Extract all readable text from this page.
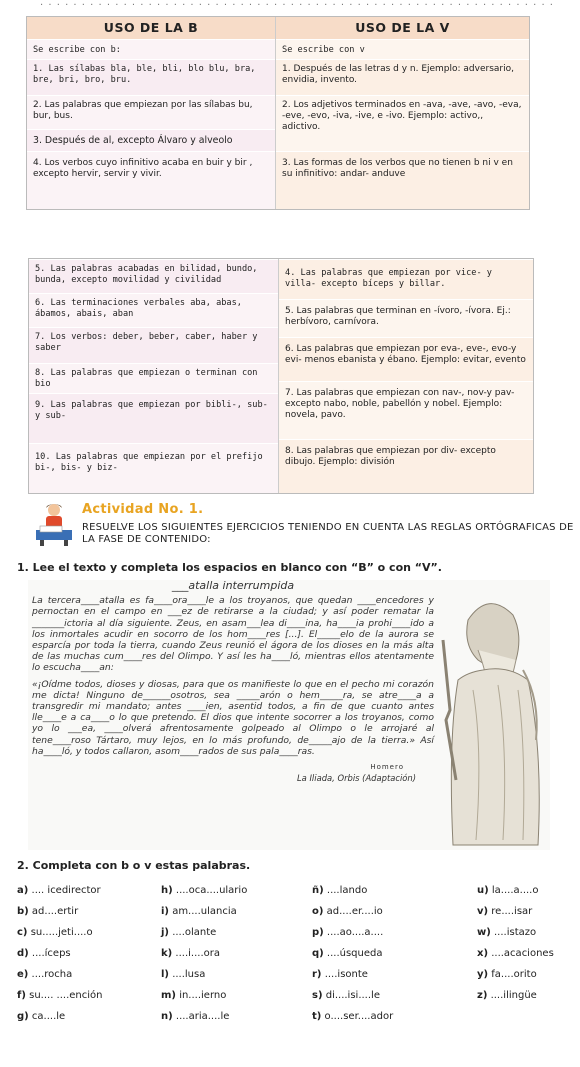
· · · · · · · · · · · · · · · · · · · · · · · · · · · · · · · · · · · · · · · · · · · · · · · · · · · · · · · · · · · · · ·
USO DE LA B
Se escribe con b:
1. Las sílabas bla, ble, bli, blo blu, bra, bre, bri, bro, bru.
2. Las palabras que empiezan por las sílabas bu, bur, bus.
3. Después de al, excepto Álvaro y alveolo
4. Los verbos cuyo infinitivo acaba en buir y bir , excepto hervir, servir y vivir.
USO DE LA V
Se escribe con v
1. Después de las letras d y n. Ejemplo: adversario, envidia, invento.
2. Los adjetivos terminados en -ava, -ave, -avo, -eva, -eve, -evo, -iva, -ive, e -ivo. Ejemplo: activo,, adictivo.
3. Las formas de los verbos que no tienen b ni v en su infinitivo: andar- anduve
5. Las palabras acabadas en bilidad, bundo, bunda, excepto movilidad y civilidad
6. Las terminaciones verbales aba, abas, ábamos, abais, aban
7. Los verbos: deber, beber, caber, haber y saber
8. Las palabras que empiezan o terminan con bio
9. Las palabras que empiezan por bibli-, sub- y sub-
10. Las palabras que empiezan por el prefijo bi-, bis- y biz-
4. Las palabras que empiezan por vice- y villa- excepto bíceps y billar.
5. Las palabras que terminan en -ívoro, -ívora. Ej.: herbívoro, carnívora.
6. Las palabras que empiezan por eva-, eve-, evo-y evi- menos ebanista y ébano. Ejemplo: evitar, evento
7. Las palabras que empiezan con nav-, nov-y pav-excepto nabo, noble, pabellón y nobel. Ejemplo: novela, pavo.
8. Las palabras que empiezan por div- excepto dibujo. Ejemplo: división
Actividad No. 1.
RESUELVE LOS SIGUIENTES EJERCICIOS TENIENDO EN CUENTA LAS REGLAS ORTÓGRAFICAS DE LA FASE DE CONTENIDO:
1. Lee el texto y completa los espacios en blanco con “B” o con “V”.
___atalla interrumpida

La tercera____atalla es fa____ora____le a los troyanos, que quedan ____encedores y pernoctan en el campo en ___ez de retirarse a la ciudad; y así poder rematar la _______ictoria al día siguiente. Zeus, en asam___lea di____ina, ha____ia prohi____ido a los inmortales acudir en socorro de los hom____res [...]. El_____elo de la aurora se esparcía por toda la tierra, cuando Zeus reunió el ágora de los dioses en la más alta de las muchas cum____res del Olimpo. Y así les ha____ló, mientras ellos atentamente lo escucha____an:

«¡Oídme todos, dioses y diosas, para que os manifieste lo que en el pecho mi corazón me dicta! Ninguno de______osotros, sea _____arón o hem_____ra, se atre____a a transgredir mi mandato; antes ____ien, asentid todos, a fin de que cuanto antes lle____e a ca____o lo que pretendo. El dios que intente socorrer a los troyanos, como yo lo ___ea, ____olverá afrentosamente golpeado al Olimpo o le arrojaré al tene____roso Tártaro, muy lejos, en lo más profundo, de_____ajo de la tierra.» Así ha____ló, y todos callaron, asom____rados de sus pala____ras.

Homero
La Iliada, Orbis (Adaptación)
2. Completa con b o v estas palabras.
a) .... icedirector
b) ad....ertir
c) su.....jeti....o
d) ....íceps
e) ....rocha
f) su.... ....ención
g) ca....le
h) ....oca....ulario
i) am....ulancia
j) ....olante
k) ....i....ora
l) ....lusa
m) in....ierno
n) ....aria....le
ñ) ....lando
o) ad....er....io
p) ....ao....a....
q) ....úsqueda
r) ....isonte
s) di....isi....le
t) o....ser....ador
u) la....a....o
v) re....isar
w) ....istazo
x) ....acaciones
y) fa....orito
z) ....ilingüe
